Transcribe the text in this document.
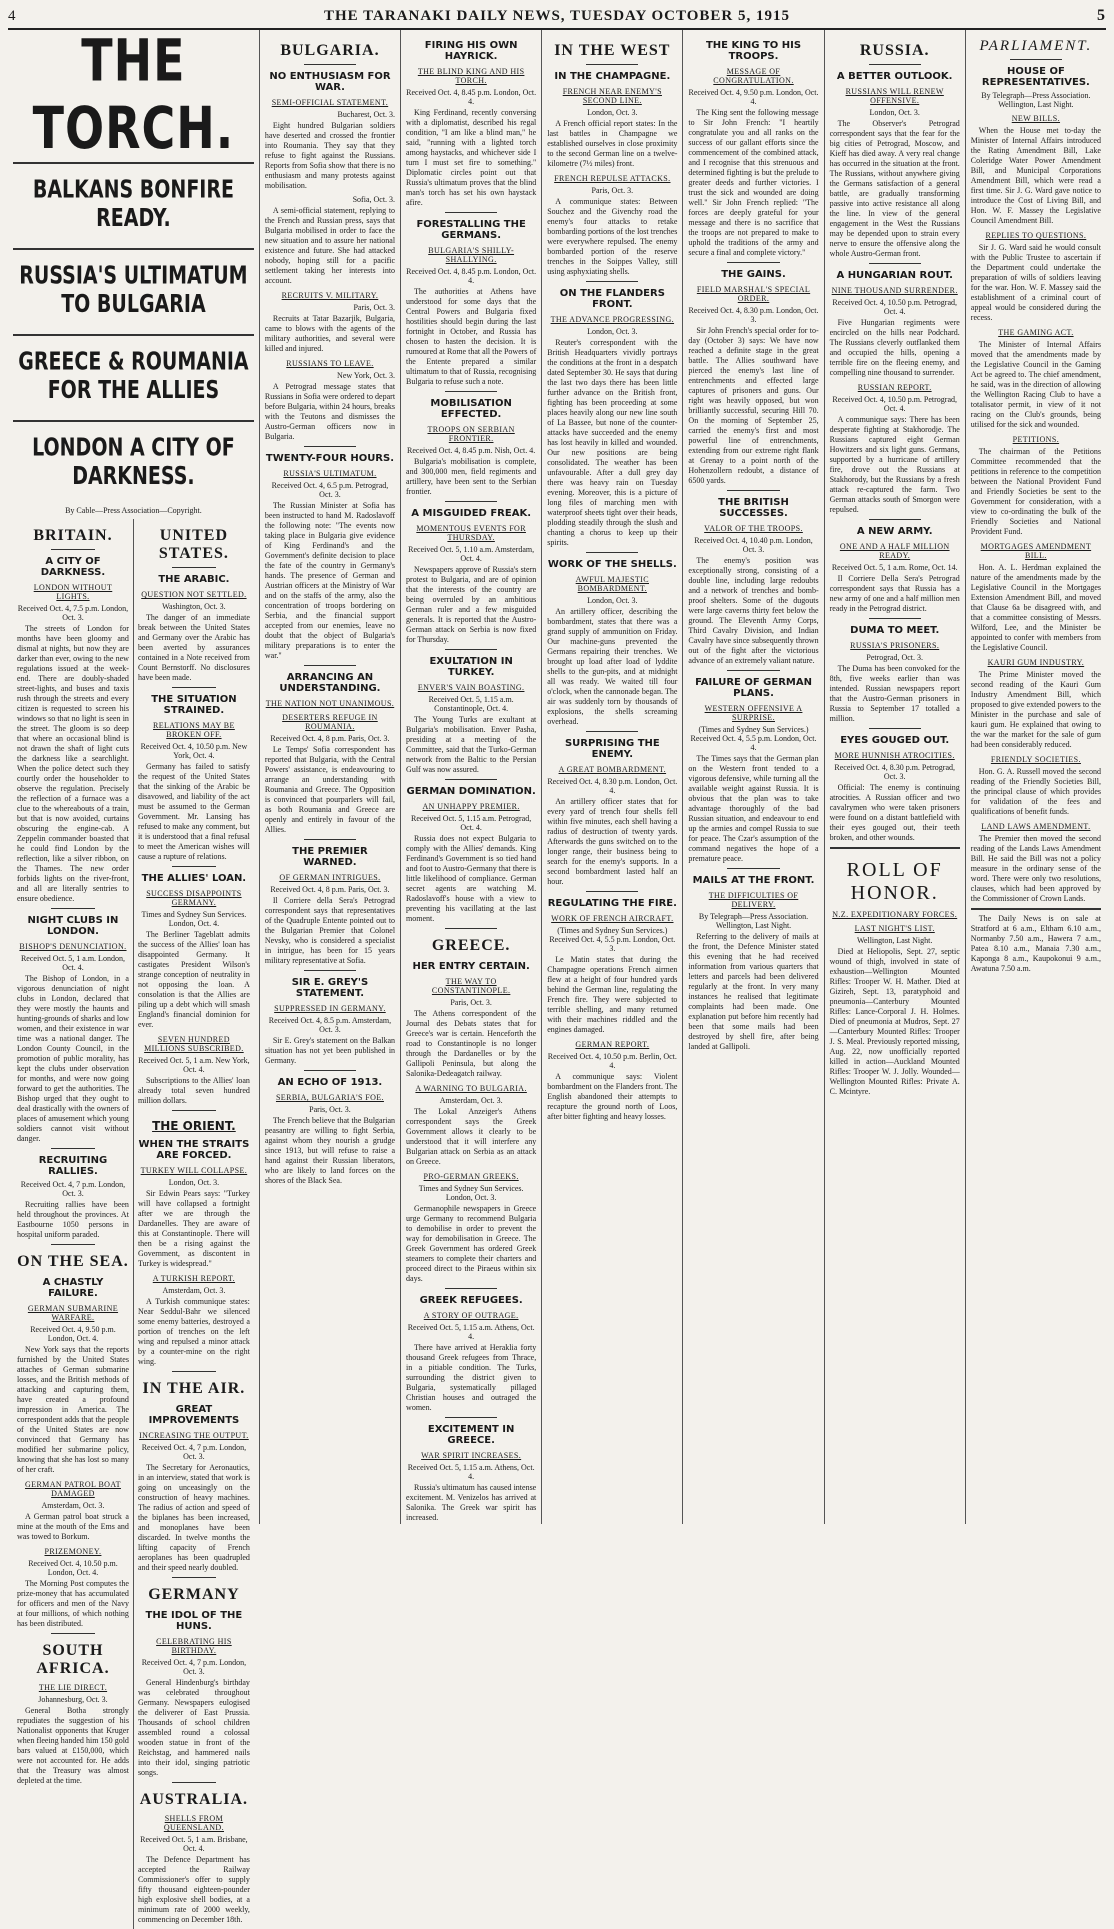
4	THE TARANAKI DAILY NEWS, TUESDAY OCTOBER 5, 1915	5
THE TORCH.
BALKANS BONFIRE READY.
RUSSIA'S ULTIMATUM TO BULGARIA
GREECE & ROUMANIA FOR THE ALLIES
LONDON A CITY OF DARKNESS.
By Cable—Press Association—Copyright.
BRITAIN.
A CITY OF DARKNESS.
LONDON WITHOUT LIGHTS.
Received Oct. 4, 7.5 p.m. London, Oct. 3.
The streets of London for months have been gloomy and dismal at nights, but now they are darker than ever, owing to the new regulations issued at the week-end. There are doubly-shaded street-lights, and buses and taxis rush through the streets and every citizen is requested to screen his windows so that no light is seen in the street. The gloom is so deep that where an occasional blind is not drawn the shaft of light cuts the darkness like a searchlight. When the police detect such they courtly order the householder to observe the regulation. Precisely the reflection of a furnace was a clue to the whereabouts of a train, but that is now avoided, curtains obscuring the engine-cab. A Zeppelin commander boasted that he could find London by the reflection, like a silver ribbon, on the Thames. The new order forbids lights on the river-front, and all are literally sentries to ensure obedience.
NIGHT CLUBS IN LONDON.
BISHOP'S DENUNCIATION.
Received Oct. 5, 1 a.m. London, Oct. 4.
The Bishop of London, in a vigorous denunciation of night clubs in London, declared that they were mostly the haunts and hunting-grounds of sharks and low women, and their existence in war time was a national danger. The London County Council, in the promotion of public morality, has kept the clubs under observation for months, and were now going forward to get the authorities. The Bishop urged that they ought to deal drastically with the owners of places of amusement which young soldiers cannot visit without danger.
RECRUITING RALLIES.
Received Oct. 4, 7 p.m. London, Oct. 3.
Recruiting rallies have been held throughout the provinces. At Eastbourne 1050 persons in hospital uniform paraded.
ON THE SEA.
A CHASTLY FAILURE.
GERMAN SUBMARINE WARFARE.
Received Oct. 4, 9.50 p.m. London, Oct. 4.
New York says that the reports furnished by the United States attaches of German submarine losses, and the British methods of attacking and capturing them, have created a profound impression in America. The correspondent adds that the people of the United States are now convinced that Germany has modified her submarine policy, knowing that she has lost so many of her craft.
GERMAN PATROL BOAT DAMAGED
Amsterdam, Oct. 3.
A German patrol boat struck a mine at the mouth of the Ems and was towed to Borkum.
PRIZEMONEY.
Received Oct. 4, 10.50 p.m. London, Oct. 4.
The Morning Post computes the prize-money that has accumulated for officers and men of the Navy at four millions, of which nothing has been distributed.
SOUTH AFRICA.
THE LIE DIRECT.
Johannesburg, Oct. 3.
General Botha strongly repudiates the suggestion of his Nationalist opponents that Kruger when fleeing handed him 150 gold bars valued at £150,000, which were not accounted for. He adds that the Treasury was almost depleted at the time.
UNITED STATES.
THE ARABIC.
QUESTION NOT SETTLED.
Washington, Oct. 3.
The danger of an immediate break between the United States and Germany over the Arabic has been averted by assurances contained in a Note received from Count Bernstorff. No disclosures have been made.
THE SITUATION STRAINED.
RELATIONS MAY BE BROKEN OFF.
Received Oct. 4, 10.50 p.m. New York, Oct. 4.
Germany has failed to satisfy the request of the United States that the sinking of the Arabic be disavowed, and liability of the act must be assumed to the German Government. Mr. Lansing has refused to make any comment, but it is understood that a final refusal to meet the American wishes will cause a rupture of relations.
THE ALLIES' LOAN.
SUCCESS DISAPPOINTS GERMANY.
Times and Sydney Sun Services. London, Oct. 4.
The Berliner Tageblatt admits the success of the Allies' loan has disappointed Germany. It castigates President Wilson's strange conception of neutrality in not opposing the loan. A consolation is that the Allies are piling up a debt which will smash England's financial dominion for ever.
SEVEN HUNDRED MILLIONS SUBSCRIBED.
Received Oct. 5, 1 a.m. New York, Oct. 4.
Subscriptions to the Allies' loan already total seven hundred million dollars.
THE ORIENT.
WHEN THE STRAITS ARE FORCED.
TURKEY WILL COLLAPSE.
London, Oct. 3.
Sir Edwin Pears says: "Turkey will have collapsed a fortnight after we are through the Dardanelles. They are aware of this at Constantinople. There will then be a rising against the Government, as discontent in Turkey is widespread."
A TURKISH REPORT.
Amsterdam, Oct. 3.
A Turkish communique states: Near Seddul-Bahr we silenced some enemy batteries, destroyed a portion of trenches on the left wing and repulsed a minor attack by a counter-mine on the right wing.
IN THE AIR.
GREAT IMPROVEMENTS
INCREASING THE OUTPUT.
Received Oct. 4, 7 p.m. London, Oct. 3.
The Secretary for Aeronautics, in an interview, stated that work is going on unceasingly on the construction of heavy machines. The radius of action and speed of the biplanes has been increased, and monoplanes have been discarded. In twelve months the lifting capacity of French aeroplanes has been quadrupled and their speed nearly doubled.
GERMANY
THE IDOL OF THE HUNS.
CELEBRATING HIS BIRTHDAY.
Received Oct. 4, 7 p.m. London, Oct. 3.
General Hindenburg's birthday was celebrated throughout Germany. Newspapers eulogised the deliverer of East Prussia. Thousands of school children assembled round a colossal wooden statue in front of the Reichstag, and hammered nails into their idol, singing patriotic songs.
AUSTRALIA.
SHELLS FROM QUEENSLAND.
Received Oct. 5, 1 a.m. Brisbane, Oct. 4.
The Defence Department has accepted the Railway Commissioner's offer to supply fifty thousand eighteen-pounder high explosive shell bodies, at a minimum rate of 2000 weekly, commencing on December 18th.
BULGARIA.
NO ENTHUSIASM FOR WAR.
SEMI-OFFICIAL STATEMENT.
Bucharest, Oct. 3.
Eight hundred Bulgarian soldiers have deserted and crossed the frontier into Roumania. They say that they refuse to fight against the Russians. Reports from Sofia show that there is no enthusiasm and many protests against mobilisation.
Sofia, Oct. 3.
A semi-official statement, replying to the French and Russian press, says that Bulgaria mobilised in order to face the new situation and to assure her national existence and future. She had attacked nobody, hoping still for a pacific settlement taking her interests into account.
RECRUITS V. MILITARY.
Paris, Oct. 3.
Recruits at Tatar Bazarjik, Bulgaria, came to blows with the agents of the military authorities, and several were killed and injured.
RUSSIANS TO LEAVE.
New York, Oct. 3.
A Petrograd message states that Russians in Sofia were ordered to depart before Bulgaria, within 24 hours, breaks with the Teutons and dismisses the Austro-German officers now in Bulgaria.
TWENTY-FOUR HOURS.
RUSSIA'S ULTIMATUM.
Received Oct. 4, 6.5 p.m. Petrograd, Oct. 3.
The Russian Minister at Sofia has been instructed to hand M. Radoslavoff the following note: "The events now taking place in Bulgaria give evidence of King Ferdinand's and the Government's definite decision to place the fate of the country in Germany's hands. The presence of German and Austrian officers at the Ministry of War and on the staffs of the army, also the concentration of troops bordering on Serbia, and the financial support accepted from our enemies, leave no doubt that the object of Bulgaria's military preparations is to enter the war."
ARRANCING AN UNDERSTANDING.
THE NATION NOT UNANIMOUS.
DESERTERS REFUGE IN ROUMANIA.
Received Oct. 4, 8 p.m. Paris, Oct. 3.
Le Temps' Sofia correspondent has reported that Bulgaria, with the Central Powers' assistance, is endeavouring to arrange an understanding with Roumania and Greece. The Opposition is convinced that pourparlers will fail, as both Roumania and Greece are openly and entirely in favour of the Allies.
THE PREMIER WARNED.
OF GERMAN INTRIGUES.
Received Oct. 4, 8 p.m. Paris, Oct. 3.
Il Corriere della Sera's Petrograd correspondent says that representatives of the Quadruple Entente pointed out to the Bulgarian Premier that Colonel Nevsky, who is considered a specialist in intrigue, has been for 15 years military representative at Sofia.
SIR E. GREY'S STATEMENT.
SUPPRESSED IN GERMANY.
Received Oct. 4, 8.5 p.m. Amsterdam, Oct. 3.
Sir E. Grey's statement on the Balkan situation has not yet been published in Germany.
AN ECHO OF 1913.
SERBIA, BULGARIA'S FOE.
Paris, Oct. 3.
The French believe that the Bulgarian peasantry are willing to fight Serbia, against whom they nourish a grudge since 1913, but will refuse to raise a hand against their Russian liberators, who are likely to land forces on the shores of the Black Sea.
FIRING HIS OWN HAYRICK.
THE BLIND KING AND HIS TORCH.
Received Oct. 4, 8.45 p.m. London, Oct. 4.
King Ferdinand, recently conversing with a diplomatist, described his regal condition, "I am like a blind man," he said, "running with a lighted torch among haystacks, and whichever side I turn I must set fire to something." Diplomatic circles point out that Russia's ultimatum proves that the blind man's torch has set his own haystack afire.
FORESTALLING THE GERMANS.
BULGARIA'S SHILLY-SHALLYING.
Received Oct. 4, 8.45 p.m. London, Oct. 4.
The authorities at Athens have understood for some days that the Central Powers and Bulgaria fixed hostilities should begin during the last fortnight in October, and Russia has chosen to hasten the decision. It is rumoured at Rome that all the Powers of the Entente prepared a similar ultimatum to that of Russia, recognising Bulgaria to refuse such a note.
MOBILISATION EFFECTED.
TROOPS ON SERBIAN FRONTIER.
Received Oct. 4, 8.45 p.m. Nish, Oct. 4.
Bulgaria's mobilisation is complete, and 300,000 men, field regiments and artillery, have been sent to the Serbian frontier.
A MISGUIDED FREAK.
MOMENTOUS EVENTS FOR THURSDAY.
Received Oct. 5, 1.10 a.m. Amsterdam, Oct. 4.
Newspapers approve of Russia's stern protest to Bulgaria, and are of opinion that the interests of the country are being overruled by an ambitious German ruler and a few misguided generals. It is reported that the Austro-German attack on Serbia is now fixed for Thursday.
EXULTATION IN TURKEY.
ENVER'S VAIN BOASTING.
Received Oct. 5, 1.15 a.m. Constantinople, Oct. 4.
The Young Turks are exultant at Bulgaria's mobilisation. Enver Pasha, presiding at a meeting of the Committee, said that the Turko-German network from the Baltic to the Persian Gulf was now assured.
GERMAN DOMINATION.
AN UNHAPPY PREMIER.
Received Oct. 5, 1.15 a.m. Petrograd, Oct. 4.
Russia does not expect Bulgaria to comply with the Allies' demands. King Ferdinand's Government is so tied hand and foot to Austro-Germany that there is little likelihood of compliance. German secret agents are watching M. Radoslavoff's house with a view to preventing his vacillating at the last moment.
GREECE.
HER ENTRY CERTAIN.
THE WAY TO CONSTANTINOPLE.
Paris, Oct. 3.
The Athens correspondent of the Journal des Debats states that for Greece's war is certain. Henceforth the road to Constantinople is no longer through the Dardanelles or by the Gallipoli Peninsula, but along the Salonika-Dedeagatch railway.
A WARNING TO BULGARIA.
Amsterdam, Oct. 3.
The Lokal Anzeiger's Athens correspondent says the Greek Government allows it clearly to be understood that it will interfere any Bulgarian attack on Serbia as an attack on Greece.
PRO-GERMAN GREEKS.
Times and Sydney Sun Services. London, Oct. 3.
Germanophile newspapers in Greece urge Germany to recommend Bulgaria to demobilise in order to prevent the way for demobilisation in Greece. The Greek Government has ordered Greek steamers to complete their charters and proceed direct to the Piraeus within six days.
GREEK REFUGEES.
A STORY OF OUTRAGE.
Received Oct. 5, 1.15 a.m. Athens, Oct. 4.
There have arrived at Heraklia forty thousand Greek refugees from Thrace, in a pitiable condition. The Turks, surrounding the district given to Bulgaria, systematically pillaged Christian houses and outraged the women.
EXCITEMENT IN GREECE.
WAR SPIRIT INCREASES.
Received Oct. 5, 1.15 a.m. Athens, Oct. 4.
Russia's ultimatum has caused intense excitement. M. Venizelos has arrived at Salonika. The Greek war spirit has increased.
IN THE WEST
IN THE CHAMPAGNE.
FRENCH NEAR ENEMY'S SECOND LINE.
London, Oct. 3.
A French official report states: In the last battles in Champagne we established ourselves in close proximity to the second German line on a twelve-kilometre (7½ miles) front.
FRENCH REPULSE ATTACKS.
Paris, Oct. 3.
A communique states: Between Souchez and the Givenchy road the enemy's four attacks to retake bombarding portions of the lost trenches were everywhere repulsed. The enemy bombarded portion of the reserve trenches in the Soippes Valley, still using asphyxiating shells.
ON THE FLANDERS FRONT.
THE ADVANCE PROGRESSING.
London, Oct. 3.
Reuter's correspondent with the British Headquarters vividly portrays the conditions at the front in a despatch dated September 30. He says that during the last two days there has been little further advance on the British front, fighting has been proceeding at some places heavily along our new line south of La Bassee, but none of the counter-attacks have succeeded and the enemy has lost heavily in killed and wounded. Our new positions are being consolidated. The weather has been unfavourable. After a dull grey day there was heavy rain on Tuesday evening. Moreover, this is a picture of long files of marching men with waterproof sheets tight over their heads, plodding steadily through the slush and chanting a chorus to keep up their spirits.
WORK OF THE SHELLS.
AWFUL MAJESTIC BOMBARDMENT.
London, Oct. 3.
An artillery officer, describing the bombardment, states that there was a grand supply of ammunition on Friday. Our machine-guns prevented the Germans repairing their trenches. We brought up load after load of lyddite shells to the gun-pits, and at midnight all was ready. We waited till four o'clock, when the cannonade began. The air was suddenly torn by thousands of explosions, the shells screaming overhead.
SURPRISING THE ENEMY.
A GREAT BOMBARDMENT.
Received Oct. 4, 8.30 p.m. London, Oct. 4.
An artillery officer states that for every yard of trench four shells fell within five minutes, each shell having a radius of destruction of twenty yards. Afterwards the guns switched on to the longer range, their business being to search for the enemy's supports. In a second bombardment lasted half an hour.
REGULATING THE FIRE.
WORK OF FRENCH AIRCRAFT.
(Times and Sydney Sun Services.) Received Oct. 4, 5.5 p.m. London, Oct. 3.
Le Matin states that during the Champagne operations French airmen flew at a height of four hundred yards behind the German line, regulating the French fire. They were subjected to terrible shelling, and many returned with their machines riddled and the engines damaged.
GERMAN REPORT.
Received Oct. 4, 10.50 p.m. Berlin, Oct. 4.
A communique says: Violent bombardment on the Flanders front. The English abandoned their attempts to recapture the ground north of Loos, after bitter fighting and heavy losses.
THE KING TO HIS TROOPS.
MESSAGE OF CONGRATULATION.
Received Oct. 4, 9.50 p.m. London, Oct. 4.
The King sent the following message to Sir John French: "I heartily congratulate you and all ranks on the success of our gallant efforts since the commencement of the combined attack, and I recognise that this strenuous and determined fighting is but the prelude to greater deeds and further victories. I trust the sick and wounded are doing well." Sir John French replied: "The forces are deeply grateful for your message and there is no sacrifice that the troops are not prepared to make to uphold the traditions of the army and secure a final and complete victory."
THE GAINS.
FIELD MARSHAL'S SPECIAL ORDER.
Received Oct. 4, 8.30 p.m. London, Oct. 3.
Sir John French's special order for to-day (October 3) says: We have now reached a definite stage in the great battle. The Allies southward have pierced the enemy's last line of entrenchments and effected large captures of prisoners and guns. Our right was heavily opposed, but won brilliantly successful, securing Hill 70. On the morning of September 25, carried the enemy's first and most powerful line of entrenchments, extending from our extreme right flank at Grenay to a point north of the Hohenzollern redoubt, a distance of 6500 yards.
THE BRITISH SUCCESSES.
VALOR OF THE TROOPS.
Received Oct. 4, 10.40 p.m. London, Oct. 3.
The enemy's position was exceptionally strong, consisting of a double line, including large redoubts and a network of trenches and bomb-proof shelters. Some of the dugouts were large caverns thirty feet below the ground. The Eleventh Army Corps, Third Cavalry Division, and Indian Cavalry have since subsequently thrown out of the fight after the victorious advance of an extremely valiant nature.
FAILURE OF GERMAN PLANS.
WESTERN OFFENSIVE A SURPRISE.
(Times and Sydney Sun Services.) Received Oct. 4, 5.5 p.m. London, Oct. 4.
The Times says that the German plan on the Western front tended to a vigorous defensive, while turning all the available weight against Russia. It is obvious that the plan was to take advantage thoroughly of the bad Russian situation, and endeavour to end up the armies and compel Russia to sue for peace. The Czar's assumption of the command negatives the hope of a premature peace.
MAILS AT THE FRONT.
THE DIFFICULTIES OF DELIVERY.
By Telegraph—Press Association. Wellington, Last Night.
Referring to the delivery of mails at the front, the Defence Minister stated this evening that he had received information from various quarters that letters and parcels had been delivered regularly at the front. In very many instances he realised that legitimate complaints had been made. One explanation put before him recently had been that some mails had been destroyed by shell fire, after being landed at Gallipoli.
RUSSIA.
A BETTER OUTLOOK.
RUSSIANS WILL RENEW OFFENSIVE.
London, Oct. 3.
The Observer's Petrograd correspondent says that the fear for the big cities of Petrograd, Moscow, and Kieff has died away. A very real change has occurred in the situation at the front. The Russians, without anywhere giving the Germans satisfaction of a general battle, are gradually transforming passive into active resistance all along the line. In view of the general engagement in the West the Russians may be depended upon to strain every nerve to ensure the offensive along the whole Austro-German front.
A HUNGARIAN ROUT.
NINE THOUSAND SURRENDER.
Received Oct. 4, 10.50 p.m. Petrograd, Oct. 4.
Five Hungarian regiments were encircled on the hills near Podchard. The Russians cleverly outflanked them and occupied the hills, opening a terrible fire on the fleeing enemy, and compelling nine thousand to surrender.
RUSSIAN REPORT.
Received Oct. 4, 10.50 p.m. Petrograd, Oct. 4.
A communique says: There has been desperate fighting at Stakhorodje. The Russians captured eight German Howitzers and six light guns. Germans, supported by a hurricane of artillery fire, drove out the Russians at Stakhorody, but the Russians by a fresh attack re-captured the farm. Two German attacks south of Smorgon were repulsed.
A NEW ARMY.
ONE AND A HALF MILLION READY.
Received Oct. 5, 1 a.m. Rome, Oct. 14.
Il Corriere Della Sera's Petrograd correspondent says that Russia has a new army of one and a half million men ready in the Petrograd district.
DUMA TO MEET.
RUSSIA'S PRISONERS.
Petrograd, Oct. 3.
The Duma has been convoked for the 8th, five weeks earlier than was intended. Russian newspapers report that the Austro-German prisoners in Russia to September 17 totalled a million.
EYES GOUGED OUT.
MORE HUNNISH ATROCITIES.
Received Oct. 4, 8.30 p.m. Petrograd, Oct. 3.
Official: The enemy is continuing atrocities. A Russian officer and two cavalrymen who were taken prisoners were found on a distant battlefield with their eyes gouged out, their teeth broken, and other wounds.
ROLL OF HONOR.
N.Z. EXPEDITIONARY FORCES.
LAST NIGHT'S LIST.
Wellington, Last Night.
Died at Heliopolis, Sept. 27, septic wound of thigh, involved in state of exhaustion—Wellington Mounted Rifles: Trooper W. H. Mather. Died at Gizireh, Sept. 13, paratyphoid and pneumonia—Canterbury Mounted Rifles: Lance-Corporal J. H. Holmes. Died of pneumonia at Mudros, Sept. 27—Canterbury Mounted Rifles: Trooper J. S. Meal. Previously reported missing, Aug. 22, now unofficially reported killed in action—Auckland Mounted Rifles: Trooper W. J. Jolly. Wounded—Wellington Mounted Rifles: Private A. C. Mcintyre.
PARLIAMENT.
HOUSE OF REPRESENTATIVES.
By Telegraph—Press Association. Wellington, Last Night.
NEW BILLS.
When the House met to-day the Minister of Internal Affairs introduced the Rating Amendment Bill, Lake Coleridge Water Power Amendment Bill, and Municipal Corporations Amendment Bill, which were read a first time. Sir J. G. Ward gave notice to introduce the Cost of Living Bill, and Hon. W. F. Massey the Legislative Council Amendment Bill.
REPLIES TO QUESTIONS.
Sir J. G. Ward said he would consult with the Public Trustee to ascertain if the Department could undertake the preparation of wills of soldiers leaving for the war. Hon. W. F. Massey said the establishment of a criminal court of appeal would be considered during the recess.
THE GAMING ACT.
The Minister of Internal Affairs moved that the amendments made by the Legislative Council in the Gaming Act be agreed to. The chief amendment, he said, was in the direction of allowing the Wellington Racing Club to have a totalisator permit, in view of it not racing on the Club's grounds, being utilised for the sick and wounded.
PETITIONS.
The chairman of the Petitions Committee recommended that the petitions in reference to the competition between the National Provident Fund and Friendly Societies be sent to the Government for consideration, with a view to co-ordinating the bulk of the Friendly Societies and National Provident Fund.
MORTGAGES AMENDMENT BILL.
Hon. A. L. Herdman explained the nature of the amendments made by the Legislative Council in the Mortgages Extension Amendment Bill, and moved that Clause 6a be disagreed with, and that a committee consisting of Messrs. Wilford, Lee, and the Minister be appointed to confer with members from the Legislative Council.
KAURI GUM INDUSTRY.
The Prime Minister moved the second reading of the Kauri Gum Industry Amendment Bill, which proposed to give extended powers to the Minister in the purchase and sale of kauri gum. He explained that owing to the war the market for the sale of gum had been considerably reduced.
FRIENDLY SOCIETIES.
Hon. G. A. Russell moved the second reading of the Friendly Societies Bill, the principal clause of which provides for validation of the fees and qualifications of benefit funds.
LAND LAWS AMENDMENT.
The Premier then moved the second reading of the Lands Laws Amendment Bill. He said the Bill was not a policy measure in the ordinary sense of the word. There were only two resolutions, clauses, which had been approved by the Commissioner of Crown Lands.
The Daily News is on sale at Stratford at 6 a.m., Eltham 6.10 a.m., Normanby 7.50 a.m., Hawera 7 a.m., Patea 8.10 a.m., Manaia 7.30 a.m., Kaponga 8 a.m., Kaupokonui 9 a.m., Awatuna 7.50 a.m.
